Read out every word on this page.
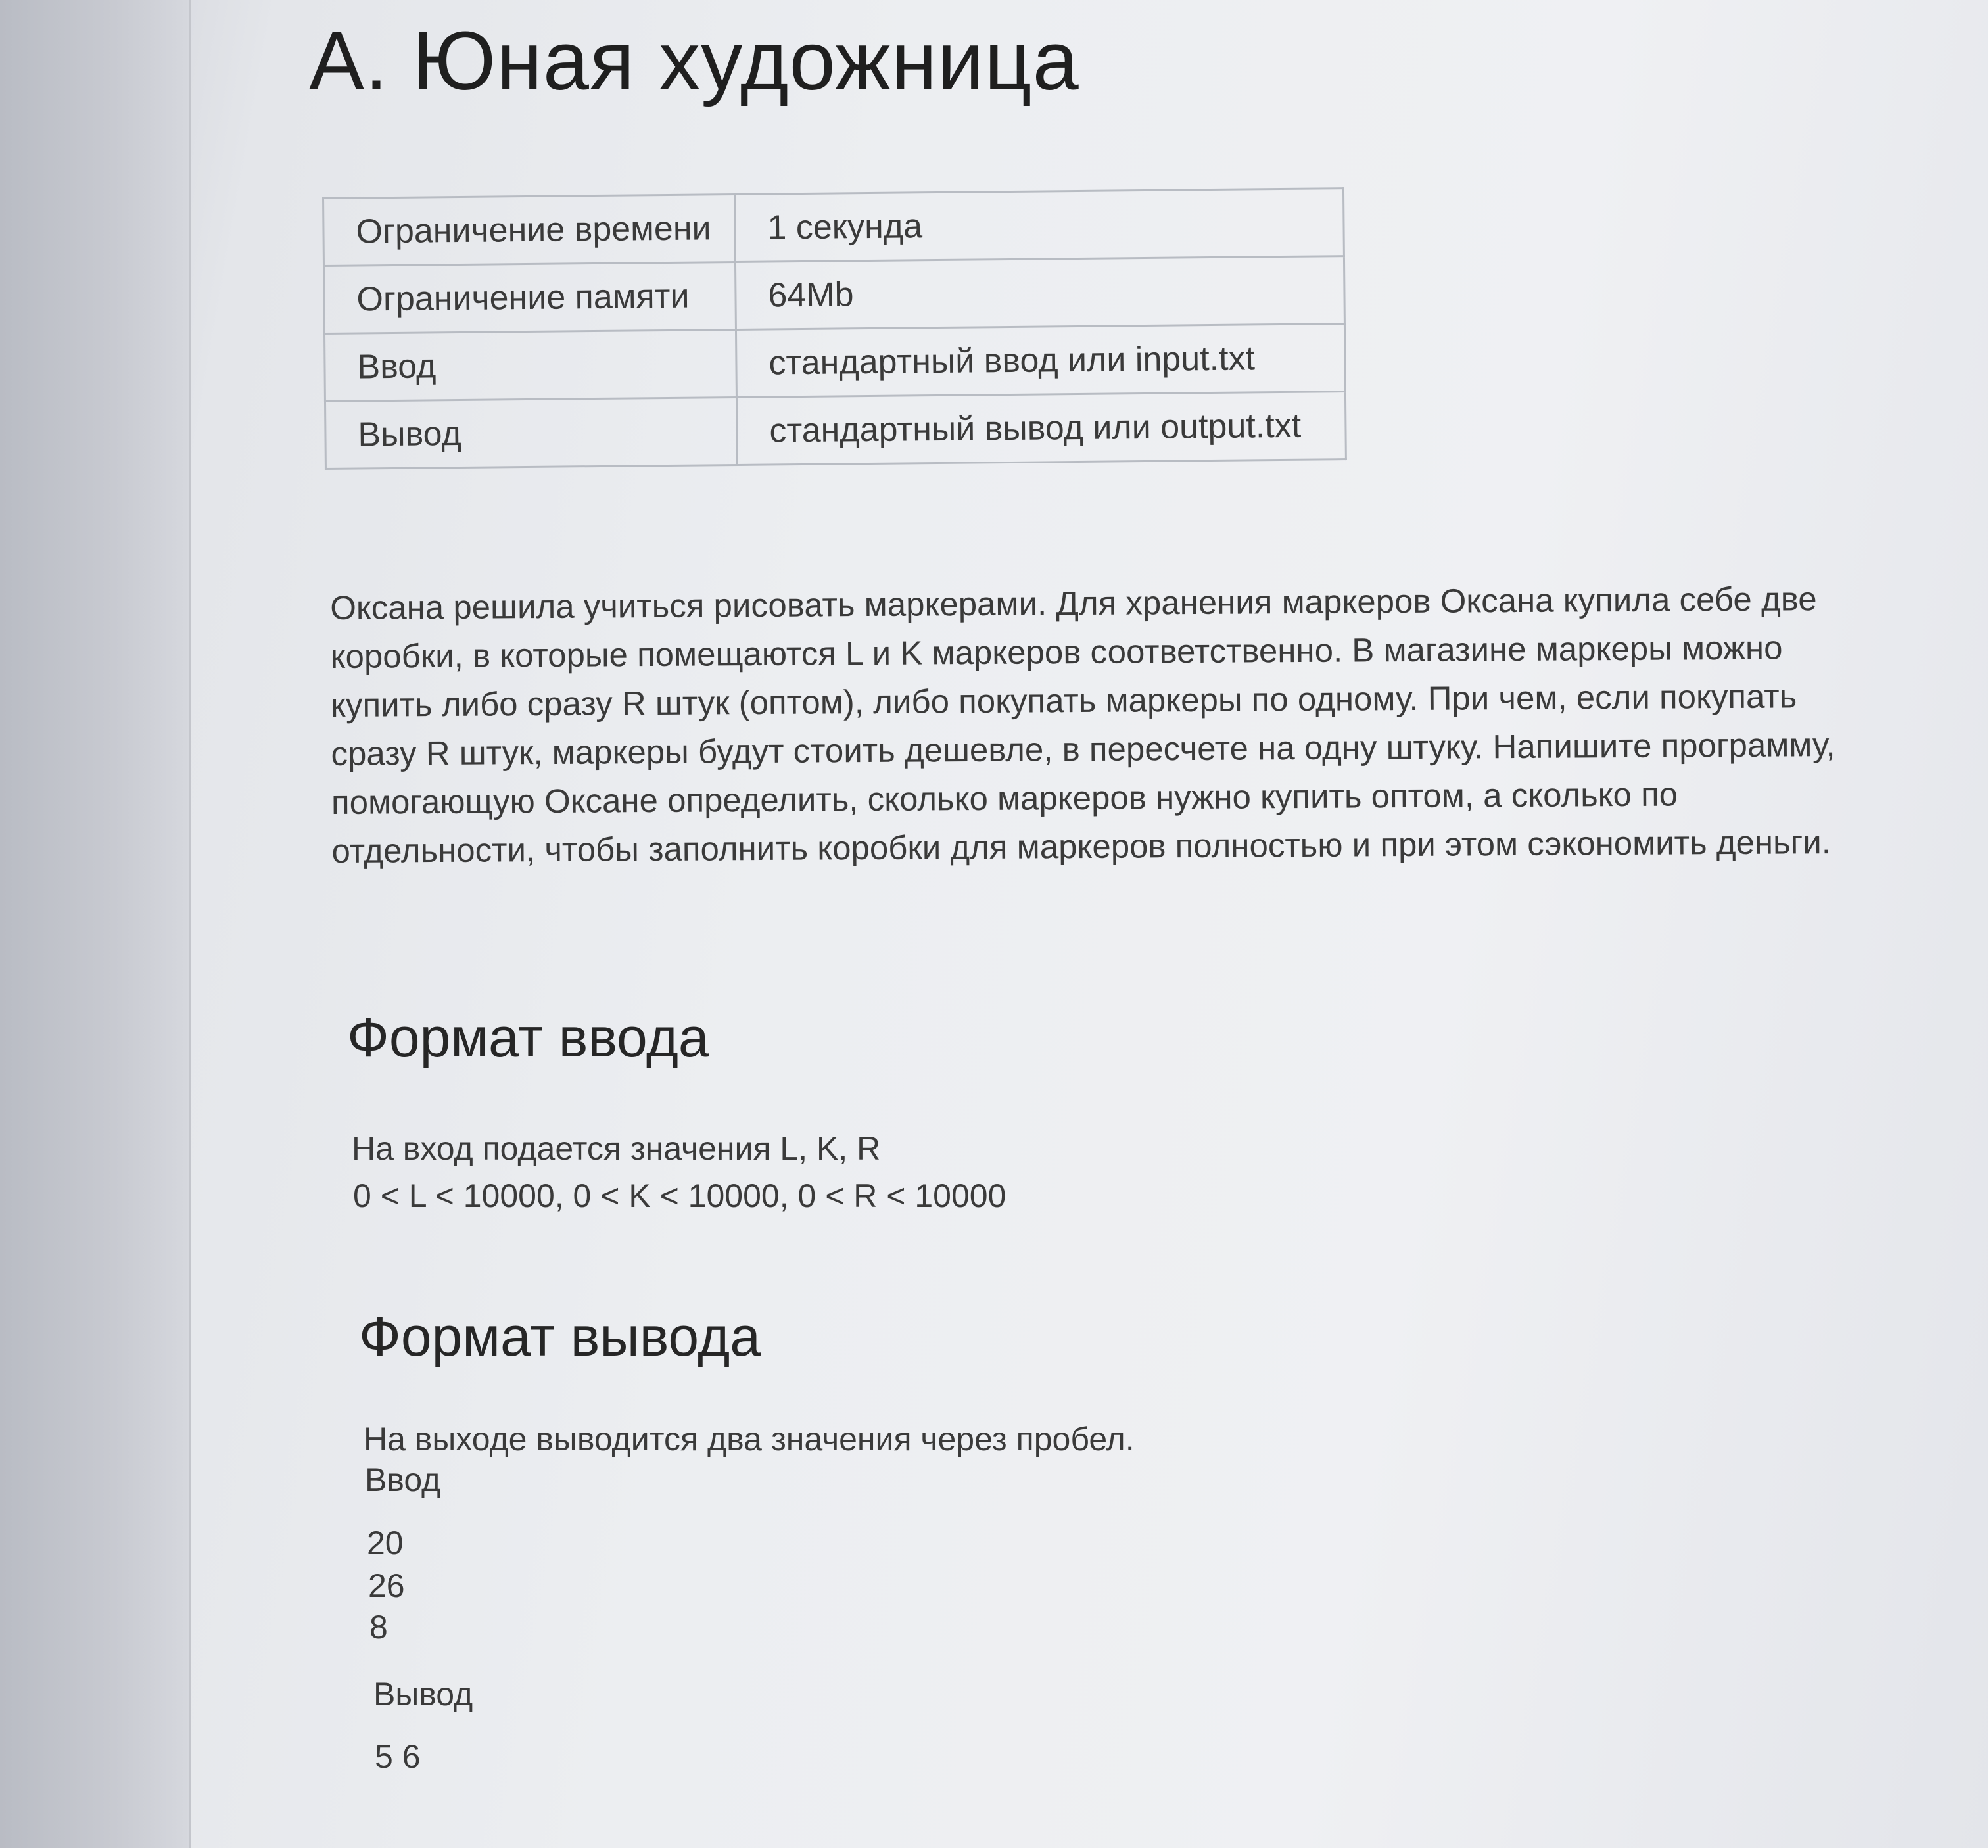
A. Юная художница
Ограничение времени	1 секунда
Ограничение памяти	64Mb
Ввод	стандартный ввод или input.txt
Вывод	стандартный вывод или output.txt

Оксана решила учиться рисовать маркерами. Для хранения маркеров Оксана купила себе две коробки, в которые помещаются L и K маркеров соответственно. В магазине маркеры можно купить либо сразу R штук (оптом), либо покупать маркеры по одному. При чем, если покупать сразу R штук, маркеры будут стоить дешевле, в пересчете на одну штуку. Напишите программу, помогающую Оксане определить, сколько маркеров нужно купить оптом, а сколько по отдельности, чтобы заполнить коробки для маркеров полностью и при этом сэкономить деньги.

Формат ввода

На вход подается значения L, K, R

0 < L < 10000, 0 < K < 10000, 0 < R < 10000

Формат вывода

На выходе выводится два значения через пробел.

Ввод

20

26

8

Вывод

5 6
